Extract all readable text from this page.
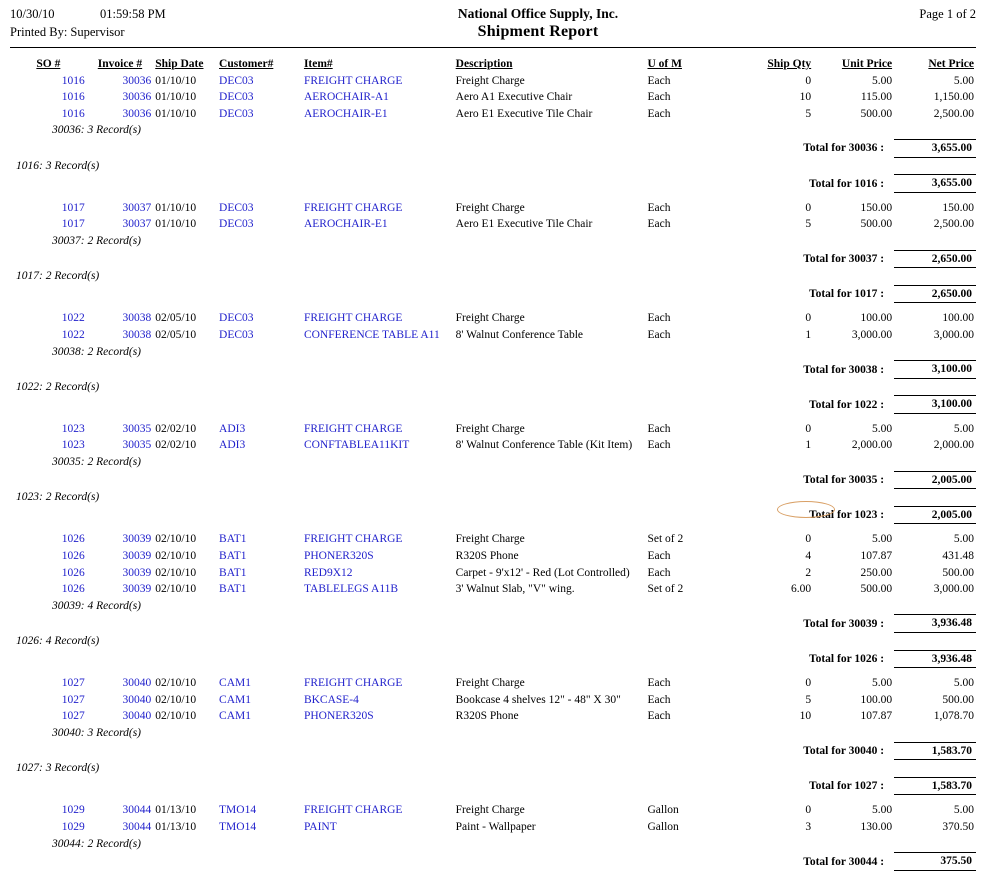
10/30/10	01:59:58 PM	National Office Supply, Inc.	Page 1 of 2
Printed By: Supervisor	Shipment Report
SO #	Invoice #	Ship Date	Customer#	Item#	Description	U of M	Ship Qty	Unit Price	Net Price
1016	30036	01/10/10	DEC03	FREIGHT CHARGE	Freight Charge	Each	0	5.00	5.00
1016	30036	01/10/10	DEC03	AEROCHAIR-A1	Aero A1 Executive Chair	Each	10	115.00	1,150.00
1016	30036	01/10/10	DEC03	AEROCHAIR-E1	Aero E1 Executive Tile Chair	Each	5	500.00	2,500.00
30036: 3 Record(s)									
Total for 30036 :									3,655.00
1016: 3 Record(s)									
Total for 1016 :									3,655.00

1017	30037	01/10/10	DEC03	FREIGHT CHARGE	Freight Charge	Each	0	150.00	150.00
1017	30037	01/10/10	DEC03	AEROCHAIR-E1	Aero E1 Executive Tile Chair	Each	5	500.00	2,500.00
30037: 2 Record(s)									
Total for 30037 :									2,650.00
1017: 2 Record(s)									
Total for 1017 :									2,650.00

1022	30038	02/05/10	DEC03	FREIGHT CHARGE	Freight Charge	Each	0	100.00	100.00
1022	30038	02/05/10	DEC03	CONFERENCE TABLE A11	8' Walnut Conference Table	Each	1	3,000.00	3,000.00
30038: 2 Record(s)									
Total for 30038 :									3,100.00
1022: 2 Record(s)									
Total for 1022 :									3,100.00

1023	30035	02/02/10	ADI3	FREIGHT CHARGE	Freight Charge	Each	0	5.00	5.00
1023	30035	02/02/10	ADI3	CONFTABLEA11KIT	8' Walnut Conference Table (Kit Item)	Each	1	2,000.00	2,000.00
30035: 2 Record(s)									
Total for 30035 :									2,005.00
1023: 2 Record(s)									
Total for 1023 :									2,005.00

1026	30039	02/10/10	BAT1	FREIGHT CHARGE	Freight Charge	Set of 2	0	5.00	5.00
1026	30039	02/10/10	BAT1	PHONER320S	R320S Phone	Each	4	107.87	431.48
1026	30039	02/10/10	BAT1	RED9X12	Carpet - 9'x12' - Red (Lot Controlled)	Each	2	250.00	500.00
1026	30039	02/10/10	BAT1	TABLELEGS A11B	3' Walnut Slab, "V" wing.	Set of 2	6.00	500.00	3,000.00
30039: 4 Record(s)									
Total for 30039 :									3,936.48
1026: 4 Record(s)									
Total for 1026 :									3,936.48

1027	30040	02/10/10	CAM1	FREIGHT CHARGE	Freight Charge	Each	0	5.00	5.00
1027	30040	02/10/10	CAM1	BKCASE-4	Bookcase 4 shelves 12" - 48" X 30"	Each	5	100.00	500.00
1027	30040	02/10/10	CAM1	PHONER320S	R320S Phone	Each	10	107.87	1,078.70
30040: 3 Record(s)									
Total for 30040 :									1,583.70
1027: 3 Record(s)									
Total for 1027 :									1,583.70

1029	30044	01/13/10	TMO14	FREIGHT CHARGE	Freight Charge	Gallon	0	5.00	5.00
1029	30044	01/13/10	TMO14	PAINT	Paint - Wallpaper	Gallon	3	130.00	370.50
30044: 2 Record(s)									
Total for 30044 :									375.50
